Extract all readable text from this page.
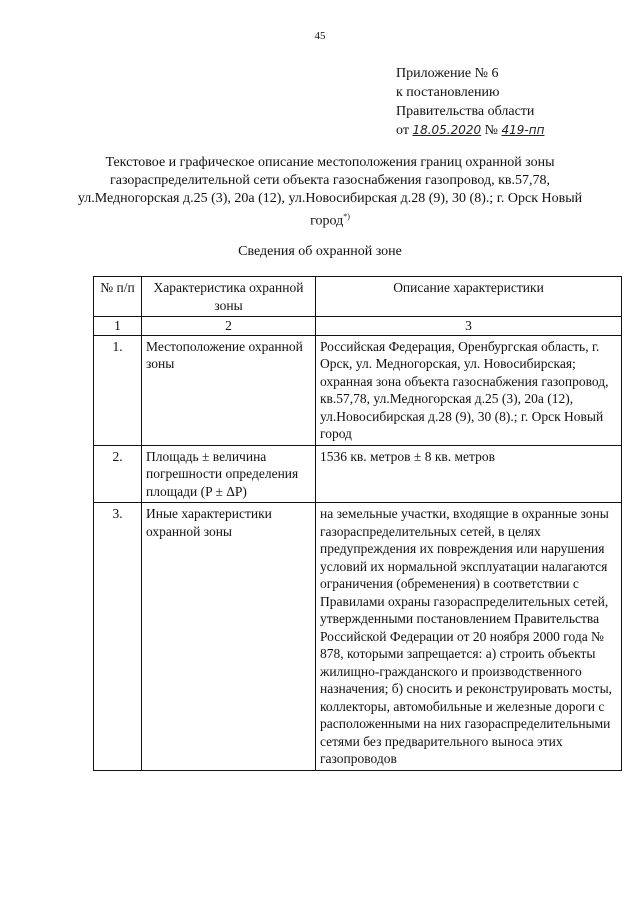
45
Приложение № 6
к постановлению
Правительства области
от 18.05.2020 № 419-пп
Текстовое и графическое описание местоположения границ охранной зоны газораспределительной сети объекта газоснабжения газопровод, кв.57,78, ул.Медногорская д.25 (3), 20а (12), ул.Новосибирская д.28 (9), 30 (8).; г. Орск Новый город*)
Сведения об охранной зоне
№ п/п	Характеристика охранной зоны	Описание характеристики
1	2	3
1.	Местоположение охранной зоны	Российская Федерация, Оренбургская область, г. Орск, ул. Медногорская, ул. Новосибирская; охранная зона объекта газоснабжения газопровод, кв.57,78, ул.Медногорская д.25 (3), 20а (12), ул.Новосибирская д.28 (9), 30 (8).; г. Орск Новый город
2.	Площадь ± величина погрешности определения площади (P ± ΔP)	1536 кв. метров ± 8 кв. метров
3.	Иные характеристики охранной зоны	на земельные участки, входящие в охранные зоны газораспределительных сетей, в целях предупреждения их повреждения или нарушения условий их нормальной эксплуатации налагаются ограничения (обременения) в соответствии с Правилами охраны газораспределительных сетей, утвержденными постановлением Правительства Российской Федерации от 20 ноября 2000 года № 878, которыми запрещается: а) строить объекты жилищно-гражданского и производственного назначения; б) сносить и реконструировать мосты, коллекторы, автомобильные и железные дороги с расположенными на них газораспределительными сетями без предварительного выноса этих газопроводов
